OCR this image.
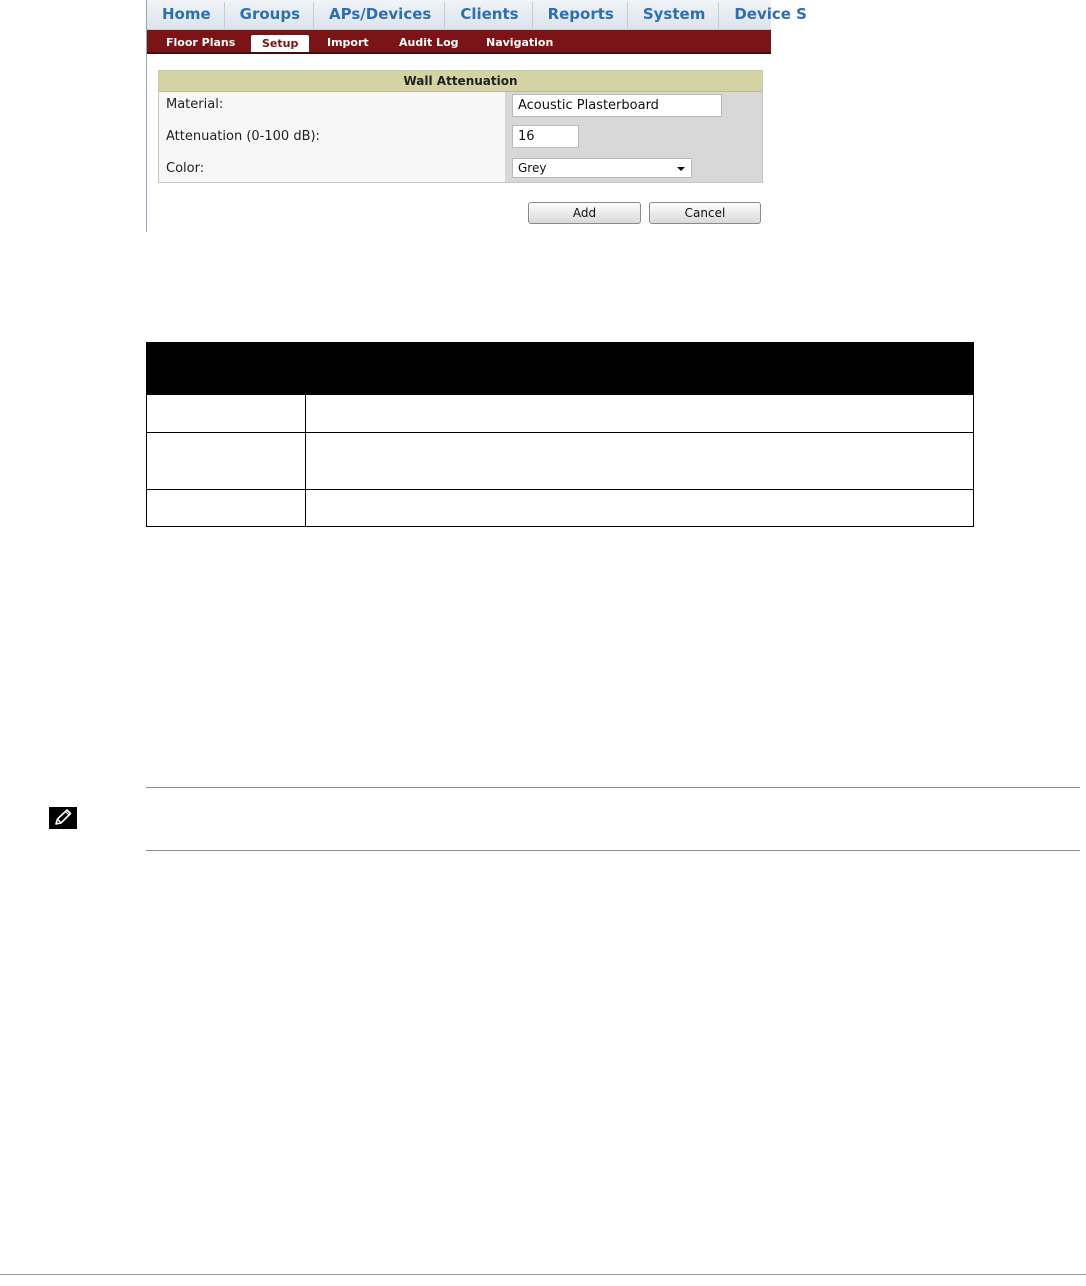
Home	Groups	APs/Devices	Clients	Reports	System	Device S
Floor Plans	Setup	Import	Audit Log Navigation
Wall Attenuation
Material:	Acoustic Plasterboard
Attenuation (0-100 dB):	16
Color:	Grey
Add	Cancel
